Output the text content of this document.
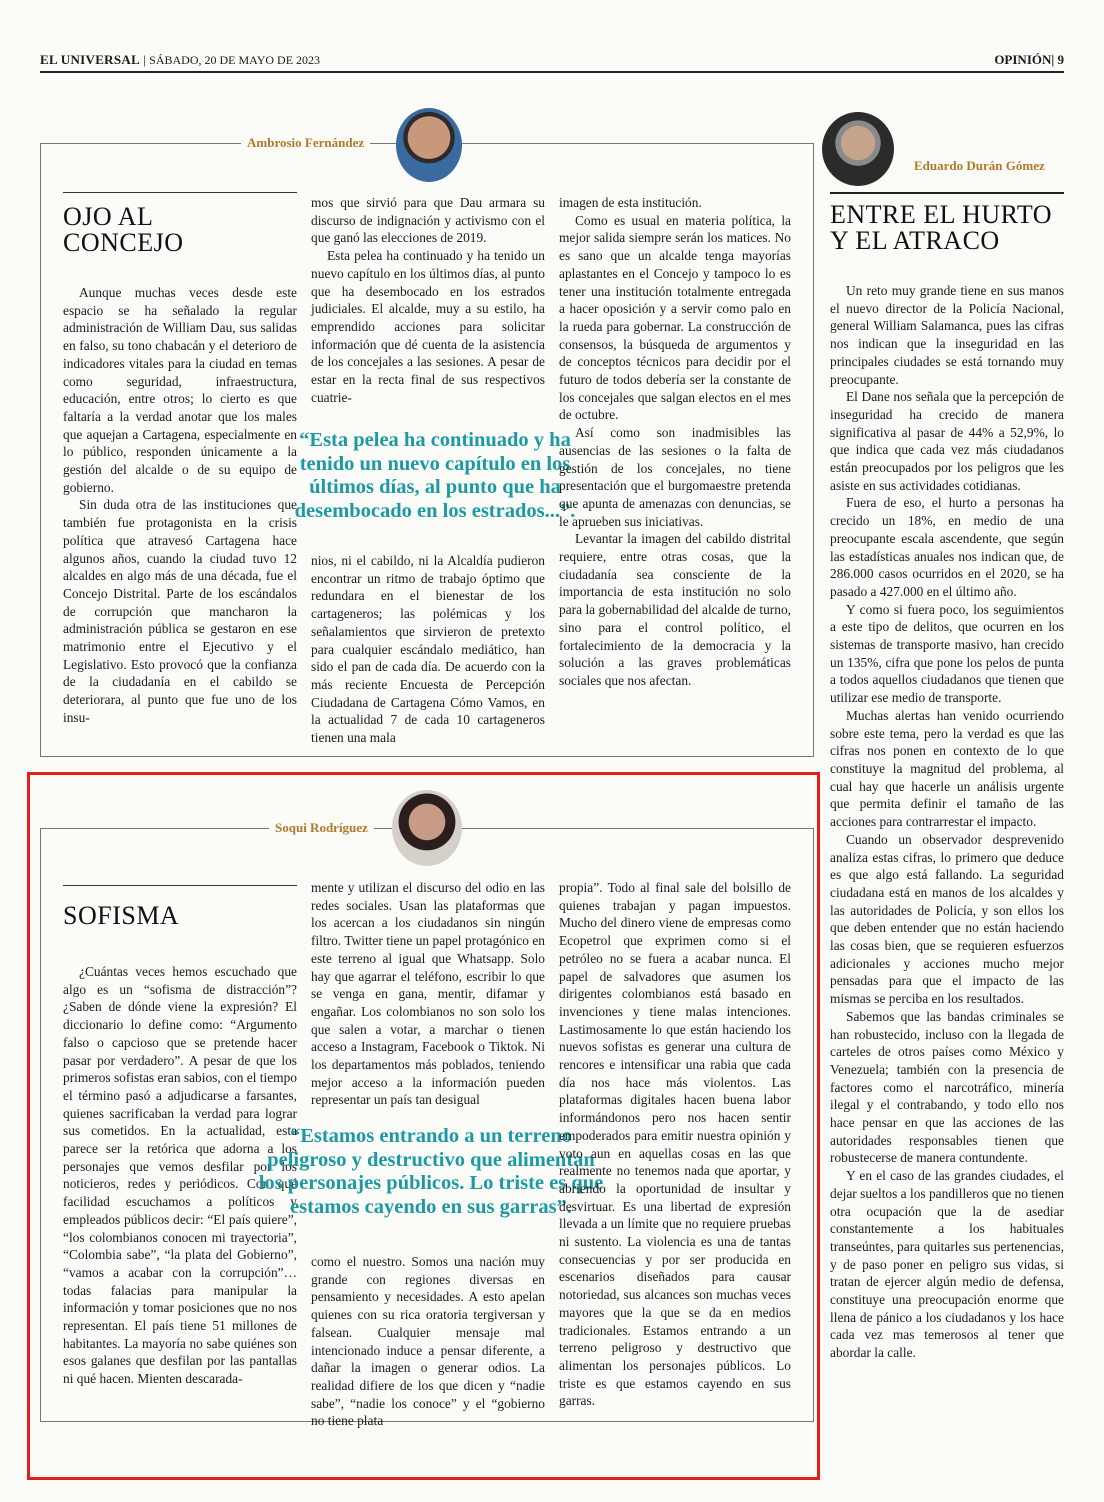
EL UNIVERSAL | SÁBADO, 20 DE MAYO DE 2023	OPINIÓN| 9
Ambrosio Fernández
OJO AL
CONCEJO

Aunque muchas veces desde este espacio se ha señalado la regular administración de William Dau, sus salidas en falso, su tono chabacán y el deterioro de indicadores vitales para la ciudad en temas como seguridad, infraestructura, educación, entre otros; lo cierto es que faltaría a la verdad anotar que los males que aquejan a Cartagena, especialmente en lo público, responden únicamente a la gestión del alcalde o de su equipo de gobierno.

Sin duda otra de las instituciones que también fue protagonista en la crisis política que atravesó Cartagena hace algunos años, cuando la ciudad tuvo 12 alcaldes en algo más de una década, fue el Concejo Distrital. Parte de los escándalos de corrupción que mancharon la administración pública se gestaron en ese matrimonio entre el Ejecutivo y el Legislativo. Esto provocó que la confianza de la ciudadanía en el cabildo se deteriorara, al punto que fue uno de los insu-

mos que sirvió para que Dau armara su discurso de indignación y activismo con el que ganó las elecciones de 2019.

Esta pelea ha continuado y ha tenido un nuevo capítulo en los últimos días, al punto que ha desembocado en los estrados judiciales. El alcalde, muy a su estilo, ha emprendido acciones para solicitar información que dé cuenta de la asistencia de los concejales a las sesiones. A pesar de estar en la recta final de sus respectivos cuatrie-

“Esta pelea ha continuado y ha tenido un nuevo capítulo en los últimos días, al punto que ha desembocado en los estrados...”.

nios, ni el cabildo, ni la Alcaldía pudieron encontrar un ritmo de trabajo óptimo que redundara en el bienestar de los cartageneros; las polémicas y los señalamientos que sirvieron de pretexto para cualquier escándalo mediático, han sido el pan de cada día. De acuerdo con la más reciente Encuesta de Percepción Ciudadana de Cartagena Cómo Vamos, en la actualidad 7 de cada 10 cartageneros tienen una mala

imagen de esta institución.

Como es usual en materia política, la mejor salida siempre serán los matices. No es sano que un alcalde tenga mayorías aplastantes en el Concejo y tampoco lo es tener una institución totalmente entregada a hacer oposición y a servir como palo en la rueda para gobernar. La construcción de consensos, la búsqueda de argumentos y de conceptos técnicos para decidir por el futuro de todos debería ser la constante de los concejales que salgan electos en el mes de octubre.

Así como son inadmisibles las ausencias de las sesiones o la falta de gestión de los concejales, no tiene presentación que el burgomaestre pretenda que apunta de amenazas con denuncias, se le aprueben sus iniciativas.

Levantar la imagen del cabildo distrital requiere, entre otras cosas, que la ciudadanía sea consciente de la importancia de esta institución no solo para la gobernabilidad del alcalde de turno, sino para el control político, el fortalecimiento de la democracia y la solución a las graves problemáticas sociales que nos afectan.

Soqui Rodríguez
SOFISMA

¿Cuántas veces hemos escuchado que algo es un “sofisma de distracción”? ¿Saben de dónde viene la expresión? El diccionario lo define como: “Argumento falso o capcioso que se pretende hacer pasar por verdadero”. A pesar de que los primeros sofistas eran sabios, con el tiempo el término pasó a adjudicarse a farsantes, quienes sacrificaban la verdad para lograr sus cometidos. En la actualidad, esta parece ser la retórica que adorna a los personajes que vemos desfilar por los noticieros, redes y periódicos. Con qué facilidad escuchamos a políticos y empleados públicos decir: “El país quiere”, “los colombianos conocen mi trayectoria”, “Colombia sabe”, “la plata del Gobierno”, “vamos a acabar con la corrupción”… todas falacias para manipular la información y tomar posiciones que no nos representan. El país tiene 51 millones de habitantes. La mayoría no sabe quiénes son esos galanes que desfilan por las pantallas ni qué hacen. Mienten descarada-

mente y utilizan el discurso del odio en las redes sociales. Usan las plataformas que los acercan a los ciudadanos sin ningún filtro. Twitter tiene un papel protagónico en este terreno al igual que Whatsapp. Solo hay que agarrar el teléfono, escribir lo que se venga en gana, mentir, difamar y engañar. Los colombianos no son solo los que salen a votar, a marchar o tienen acceso a Instagram, Facebook o Tiktok. Ni los departamentos más poblados, teniendo mejor acceso a la información pueden representar un país tan desigual

“Estamos entrando a un terreno peligroso y destructivo que alimentan los personajes públicos. Lo triste es que estamos cayendo en sus garras”.

como el nuestro. Somos una nación muy grande con regiones diversas en pensamiento y necesidades. A esto apelan quienes con su rica oratoria tergiversan y falsean. Cualquier mensaje mal intencionado induce a pensar diferente, a dañar la imagen o generar odios. La realidad difiere de los que dicen y “nadie sabe”, “nadie los conoce” y el “gobierno no tiene plata

propia”. Todo al final sale del bolsillo de quienes trabajan y pagan impuestos. Mucho del dinero viene de empresas como Ecopetrol que exprimen como si el petróleo no se fuera a acabar nunca. El papel de salvadores que asumen los dirigentes colombianos está basado en invenciones y tiene malas intenciones. Lastimosamente lo que están haciendo los nuevos sofistas es generar una cultura de rencores e intensificar una rabia que cada día nos hace más violentos. Las plataformas digitales hacen buena labor informándonos pero nos hacen sentir empoderados para emitir nuestra opinión y voto aun en aquellas cosas en las que realmente no tenemos nada que aportar, y abriendo la oportunidad de insultar y desvirtuar. Es una libertad de expresión llevada a un límite que no requiere pruebas ni sustento. La violencia es una de tantas consecuencias y por ser producida en escenarios diseñados para causar notoriedad, sus alcances son muchas veces mayores que la que se da en medios tradicionales. Estamos entrando a un terreno peligroso y destructivo que alimentan los personajes públicos. Lo triste es que estamos cayendo en sus garras.

Eduardo Durán Gómez
ENTRE EL HURTO
Y EL ATRACO

Un reto muy grande tiene en sus manos el nuevo director de la Policía Nacional, general William Salamanca, pues las cifras nos indican que la inseguridad en las principales ciudades se está tornando muy preocupante.

El Dane nos señala que la percepción de inseguridad ha crecido de manera significativa al pasar de 44% a 52,9%, lo que indica que cada vez más ciudadanos están preocupados por los peligros que les asiste en sus actividades cotidianas.

Fuera de eso, el hurto a personas ha crecido un 18%, en medio de una preocupante escala ascendente, que según las estadísticas anuales nos indican que, de 286.000 casos ocurridos en el 2020, se ha pasado a 427.000 en el último año.

Y como si fuera poco, los seguimientos a este tipo de delitos, que ocurren en los sistemas de transporte masivo, han crecido un 135%, cifra que pone los pelos de punta a todos aquellos ciudadanos que tienen que utilizar ese medio de transporte.

Muchas alertas han venido ocurriendo sobre este tema, pero la verdad es que las cifras nos ponen en contexto de lo que constituye la magnitud del problema, al cual hay que hacerle un análisis urgente que permita definir el tamaño de las acciones para contrarrestar el impacto.

Cuando un observador desprevenido analiza estas cifras, lo primero que deduce es que algo está fallando. La seguridad ciudadana está en manos de los alcaldes y las autoridades de Policía, y son ellos los que deben entender que no están haciendo las cosas bien, que se requieren esfuerzos adicionales y acciones mucho mejor pensadas para que el impacto de las mismas se perciba en los resultados.

Sabemos que las bandas criminales se han robustecido, incluso con la llegada de carteles de otros países como México y Venezuela; también con la presencia de factores como el narcotráfico, minería ilegal y el contrabando, y todo ello nos hace pensar en que las acciones de las autoridades responsables tienen que robustecerse de manera contundente.

Y en el caso de las grandes ciudades, el dejar sueltos a los pandilleros que no tienen otra ocupación que la de asediar constantemente a los habituales transeúntes, para quitarles sus pertenencias, y de paso poner en peligro sus vidas, si tratan de ejercer algún medio de defensa, constituye una preocupación enorme que llena de pánico a los ciudadanos y los hace cada vez mas temerosos al tener que abordar la calle.
